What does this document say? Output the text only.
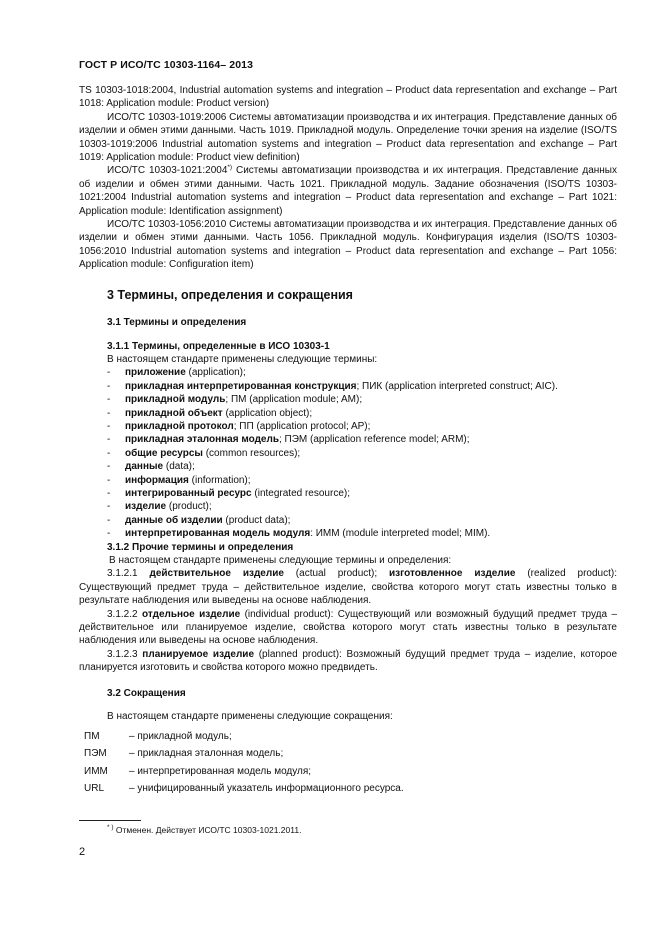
ГОСТ Р ИСО/ТС 10303-1164– 2013

TS 10303-1018:2004, Industrial automation systems and integration – Product data representation and exchange – Part 1018: Application module: Product version)

ИСО/ТС 10303-1019:2006 Системы автоматизации производства и их интеграция. Представление данных об изделии и обмен этими данными. Часть 1019. Прикладной модуль. Определение точки зрения на изделие (ISO/TS 10303-1019:2006 Industrial automation systems and integration – Product data representation and exchange – Part 1019: Application module: Product view definition)

ИСО/ТС 10303-1021:2004*) Системы автоматизации производства и их интеграция. Представление данных об изделии и обмен этими данными. Часть 1021. Прикладной модуль. Задание обозначения (ISO/TS 10303-1021:2004 Industrial automation systems and integration – Product data representation and exchange – Part 1021: Application module: Identification assignment)

ИСО/ТС 10303-1056:2010 Системы автоматизации производства и их интеграция. Представление данных об изделии и обмен этими данными. Часть 1056. Прикладной модуль. Конфигурация изделия (ISO/TS 10303-1056:2010 Industrial automation systems and integration – Product data representation and exchange – Part 1056: Application module: Configuration item)

3 Термины, определения и сокращения
3.1 Термины и определения
3.1.1 Термины, определенные в ИСО 10303-1

В настоящем стандарте применены следующие термины:

- приложение (application);
- прикладная интерпретированная конструкция; ПИК (application interpreted construct; AIC).
- прикладной модуль; ПМ (application module; AM);
- прикладной объект (application object);
- прикладной протокол; ПП (application protocol; AP);
- прикладная эталонная модель; ПЭМ (application reference model; ARM);
- общие ресурсы (common resources);
- данные (data);
- информация (information);
- интегрированный ресурс (integrated resource);
- изделие (product);
- данные об изделии (product data);
- интерпретированная модель модуля: ИММ (module interpreted model; MIM).
3.1.2 Прочие термины и определения

В настоящем стандарте применены следующие термины и определения:

3.1.2.1 действительное изделие (actual product); изготовленное изделие (realized product): Существующий предмет труда – действительное изделие, свойства которого могут стать известны только в результате наблюдения или выведены на основе наблюдения.

3.1.2.2 отдельное изделие (individual product): Существующий или возможный будущий предмет труда – действительное или планируемое изделие, свойства которого могут стать известны только в результате наблюдения или выведены на основе наблюдения.

3.1.2.3 планируемое изделие (planned product): Возможный будущий предмет труда – изделие, которое планируется изготовить и свойства которого можно предвидеть.

3.2 Сокращения

В настоящем стандарте применены следующие сокращения:

ПМ	– прикладной модуль;
ПЭМ	– прикладная эталонная модель;
ИММ	– интерпретированная модель модуля;
URL	– унифицированный указатель информационного ресурса.
* ) Отменен. Действует ИСО/ТС 10303-1021.2011.
2
